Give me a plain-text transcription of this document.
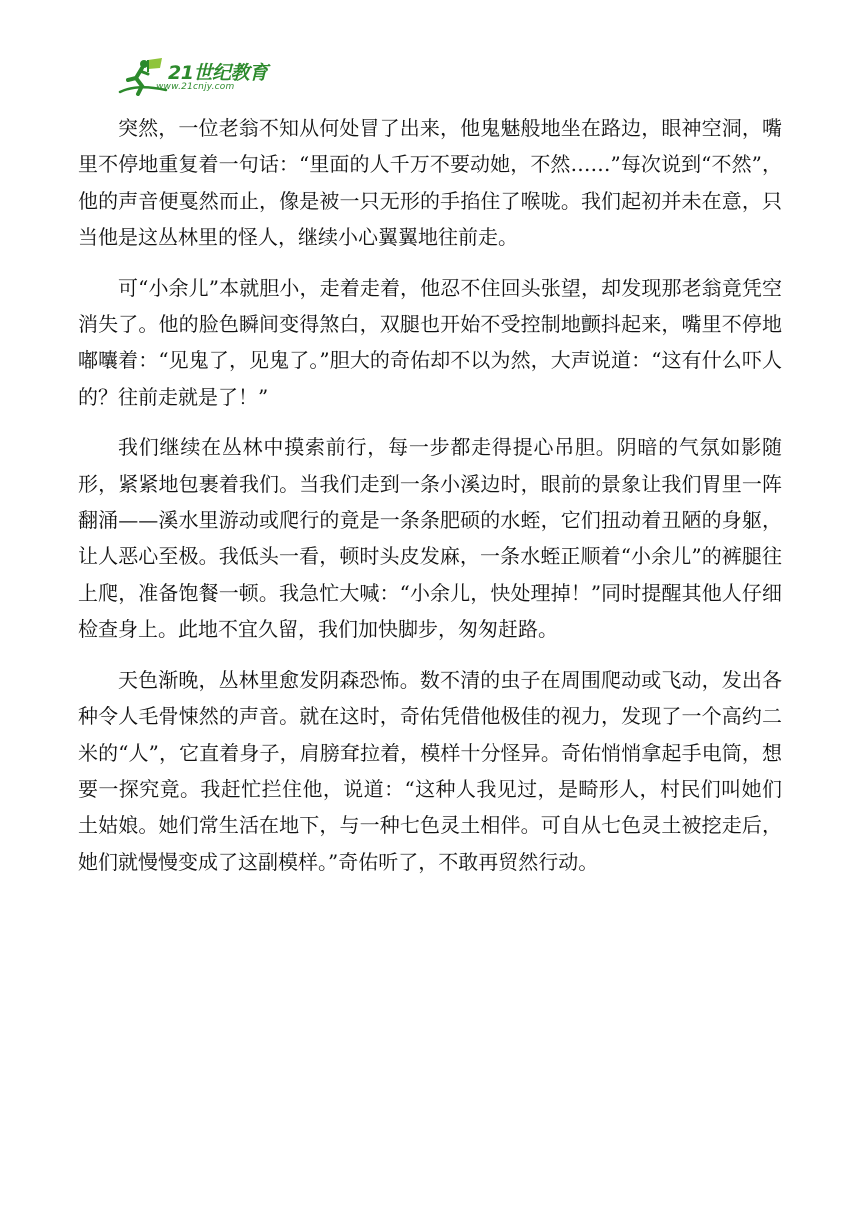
21世纪教育
www.21cnjy.com

突然，一位老翁不知从何处冒了出来，他鬼魅般地坐在路边，眼神空洞，嘴里不停地重复着一句话：“里面的人千万不要动她，不然……”每次说到“不然”，他的声音便戛然而止，像是被一只无形的手掐住了喉咙。我们起初并未在意，只当他是这丛林里的怪人，继续小心翼翼地往前走。

可“小余儿”本就胆小，走着走着，他忍不住回头张望，却发现那老翁竟凭空消失了。他的脸色瞬间变得煞白，双腿也开始不受控制地颤抖起来，嘴里不停地嘟囔着：“见鬼了，见鬼了。”胆大的奇佑却不以为然，大声说道：“这有什么吓人的？往前走就是了！”

我们继续在丛林中摸索前行，每一步都走得提心吊胆。阴暗的气氛如影随形，紧紧地包裹着我们。当我们走到一条小溪边时，眼前的景象让我们胃里一阵翻涌——溪水里游动或爬行的竟是一条条肥硕的水蛭，它们扭动着丑陋的身躯，让人恶心至极。我低头一看，顿时头皮发麻，一条水蛭正顺着“小余儿”的裤腿往上爬，准备饱餐一顿。我急忙大喊：“小余儿，快处理掉！”同时提醒其他人仔细检查身上。此地不宜久留，我们加快脚步，匆匆赶路。

天色渐晚，丛林里愈发阴森恐怖。数不清的虫子在周围爬动或飞动，发出各种令人毛骨悚然的声音。就在这时，奇佑凭借他极佳的视力，发现了一个高约二米的“人”，它直着身子，肩膀耷拉着，模样十分怪异。奇佑悄悄拿起手电筒，想要一探究竟。我赶忙拦住他，说道：“这种人我见过，是畸形人，村民们叫她们土姑娘。她们常生活在地下，与一种七色灵土相伴。可自从七色灵土被挖走后，她们就慢慢变成了这副模样。”奇佑听了，不敢再贸然行动。
